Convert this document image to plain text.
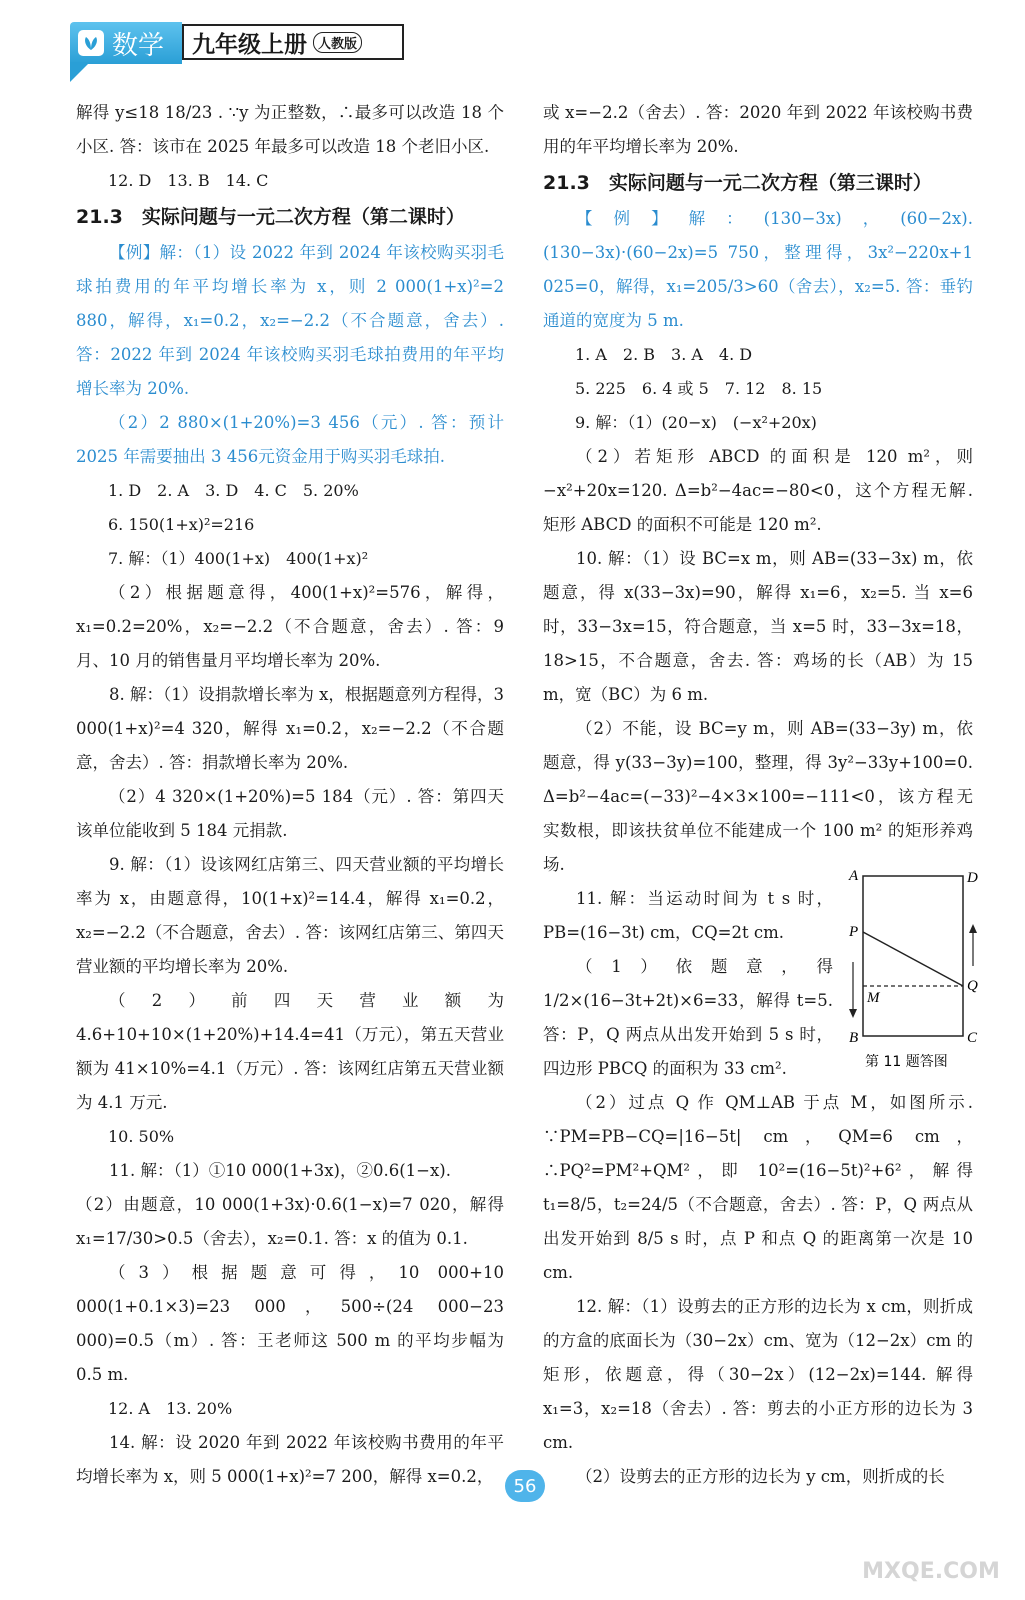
数学 九年级上册 人教版

解得 y≤18 18/23 . ∵y 为正整数，∴最多可以改造 18 个小区. 答：该市在 2025 年最多可以改造 18 个老旧小区.

12. D　13. B　14. C

21.3　实际问题与一元二次方程（第二课时）

【例】解：（1）设 2022 年到 2024 年该校购买羽毛球拍费用的年平均增长率为 x，则 2 000(1+x)²=2 880，解得，x₁=0.2，x₂=−2.2（不合题意，舍去）. 答：2022 年到 2024 年该校购买羽毛球拍费用的年平均增长率为 20%.

（2）2 880×(1+20%)=3 456（元）. 答：预计 2025 年需要抽出 3 456元资金用于购买羽毛球拍.

1. D　2. A　3. D　4. C　5. 20%

6. 150(1+x)²=216

7. 解：（1）400(1+x)　400(1+x)²

（2）根据题意得，400(1+x)²=576，解得，x₁=0.2=20%，x₂=−2.2（不合题意，舍去）. 答：9 月、10 月的销售量月平均增长率为 20%.

8. 解：（1）设捐款增长率为 x，根据题意列方程得，3 000(1+x)²=4 320，解得 x₁=0.2，x₂=−2.2（不合题意，舍去）. 答：捐款增长率为 20%.

（2）4 320×(1+20%)=5 184（元）. 答：第四天该单位能收到 5 184 元捐款.

9. 解：（1）设该网红店第三、四天营业额的平均增长率为 x，由题意得，10(1+x)²=14.4，解得 x₁=0.2，x₂=−2.2（不合题意，舍去）. 答：该网红店第三、第四天营业额的平均增长率为 20%.

（2）前四天营业额为 4.6+10+10×(1+20%)+14.4=41（万元），第五天营业额为 41×10%=4.1（万元）. 答：该网红店第五天营业额为 4.1 万元.

10. 50%

11. 解：（1）①10 000(1+3x)，②0.6(1−x).

（2）由题意，10 000(1+3x)·0.6(1−x)=7 020，解得 x₁=17/30>0.5（舍去），x₂=0.1. 答：x 的值为 0.1.

（3）根据题意可得，10 000+10 000(1+0.1×3)=23 000，500÷(24 000−23 000)=0.5（m）. 答：王老师这 500 m 的平均步幅为 0.5 m.

12. A　13. 20%

14. 解：设 2020 年到 2022 年该校购书费用的年平均增长率为 x，则 5 000(1+x)²=7 200，解得 x=0.2，

或 x=−2.2（舍去）. 答：2020 年到 2022 年该校购书费用的年平均增长率为 20%.

21.3　实际问题与一元二次方程（第三课时）

【例】解：(130−3x)，(60−2x). (130−3x)·(60−2x)=5 750，整理得，3x²−220x+1 025=0，解得，x₁=205/3>60（舍去），x₂=5. 答：垂钓通道的宽度为 5 m.

1. A　2. B　3. A　4. D

5. 225　6. 4 或 5　7. 12　8. 15

9. 解：（1）(20−x)　(−x²+20x)

（2）若矩形 ABCD 的面积是 120 m²，则 −x²+20x=120. Δ=b²−4ac=−80<0，这个方程无解. 矩形 ABCD 的面积不可能是 120 m².

10. 解：（1）设 BC=x m，则 AB=(33−3x) m，依题意，得 x(33−3x)=90，解得 x₁=6，x₂=5. 当 x=6 时，33−3x=15，符合题意，当 x=5 时，33−3x=18，18>15，不合题意，舍去. 答：鸡场的长（AB）为 15 m，宽（BC）为 6 m.

（2）不能，设 BC=y m，则 AB=(33−3y) m，依题意，得 y(33−3y)=100，整理，得 3y²−33y+100=0. Δ=b²−4ac=(−33)²−4×3×100=−111<0，该方程无实数根，即该扶贫单位不能建成一个 100 m² 的矩形养鸡场.

11. 解：当运动时间为 t s 时，PB=(16−3t) cm，CQ=2t cm.

（1）依题意，得 1/2×(16−3t+2t)×6=33，解得 t=5. 答：P，Q 两点从出发开始到 5 s 时，四边形 PBCQ 的面积为 33 cm².

（2）过点 Q 作 QM⊥AB 于点 M，如图所示. ∵PM=PB−CQ=|16−5t| cm，QM=6 cm，∴PQ²=PM²+QM²，即 10²=(16−5t)²+6²，解得 t₁=8/5，t₂=24/5（不合题意，舍去）. 答：P，Q 两点从出发开始到 8/5 s 时，点 P 和点 Q 的距离第一次是 10 cm.

12. 解：（1）设剪去的正方形的边长为 x cm，则折成的方盒的底面长为（30−2x）cm、宽为（12−2x）cm 的矩形，依题意，得（30−2x）(12−2x)=144. 解得 x₁=3，x₂=18（舍去）. 答：剪去的小正方形的边长为 3 cm.

（2）设剪去的正方形的边长为 y cm，则折成的长

A	D
P
Q
M
B	C
第 11 题答图
56
MXQE.COM
